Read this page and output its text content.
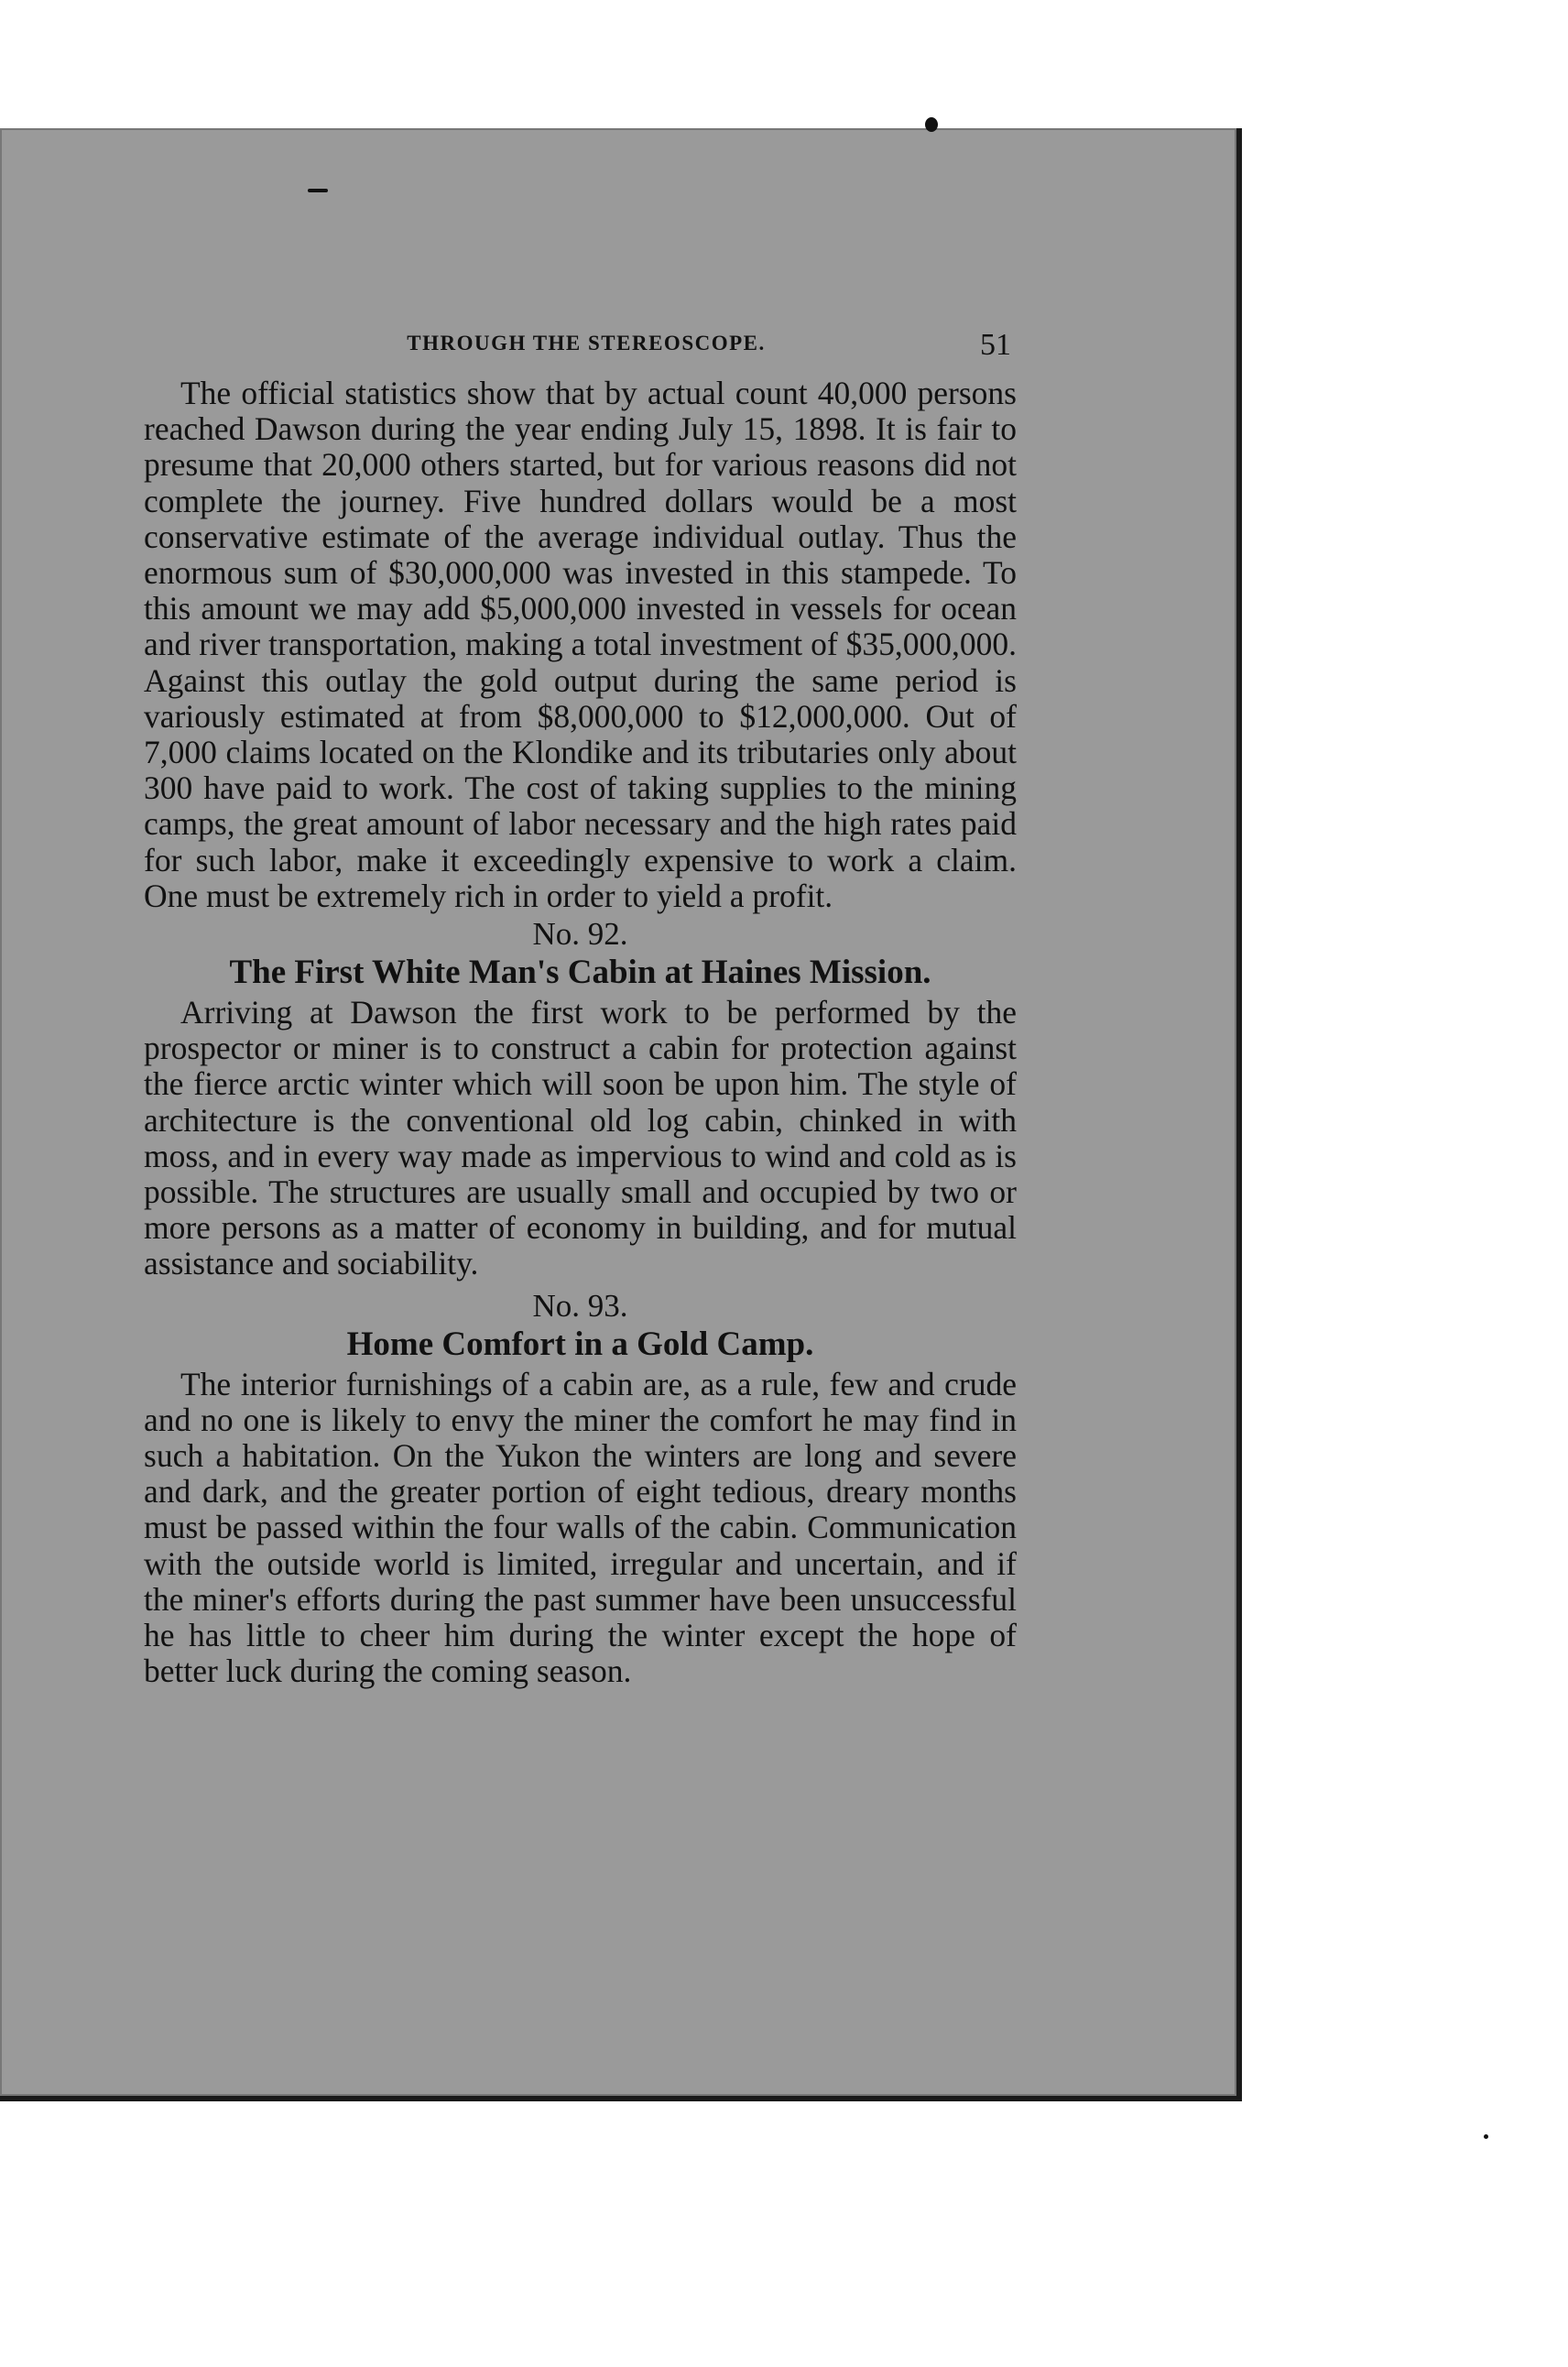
THROUGH THE STEREOSCOPE.	51

The official statistics show that by actual count 40,000 persons reached Dawson during the year ending July 15, 1898. It is fair to presume that 20,000 others started, but for various reasons did not complete the journey. Five hundred dollars would be a most conservative estimate of the average individual outlay. Thus the enormous sum of $30,000,000 was invested in this stampede. To this amount we may add $5,000,000 invested in vessels for ocean and river transportation, making a total investment of $35,000,000. Against this outlay the gold output during the same period is variously estimated at from $8,000,000 to $12,000,000. Out of 7,000 claims located on the Klondike and its tributaries only about 300 have paid to work. The cost of taking supplies to the mining camps, the great amount of labor necessary and the high rates paid for such labor, make it exceedingly expensive to work a claim. One must be extremely rich in order to yield a profit.

No. 92.
The First White Man's Cabin at Haines Mission.

Arriving at Dawson the first work to be performed by the prospector or miner is to construct a cabin for protection against the fierce arctic winter which will soon be upon him. The style of architecture is the conventional old log cabin, chinked in with moss, and in every way made as impervious to wind and cold as is possible. The structures are usually small and occupied by two or more persons as a matter of economy in building, and for mutual assistance and sociability.

No. 93.
Home Comfort in a Gold Camp.

The interior furnishings of a cabin are, as a rule, few and crude and no one is likely to envy the miner the comfort he may find in such a habitation. On the Yukon the winters are long and severe and dark, and the greater portion of eight tedious, dreary months must be passed within the four walls of the cabin. Communication with the outside world is limited, irregular and uncertain, and if the miner's efforts during the past summer have been unsuccessful he has little to cheer him during the winter except the hope of better luck during the coming season.
